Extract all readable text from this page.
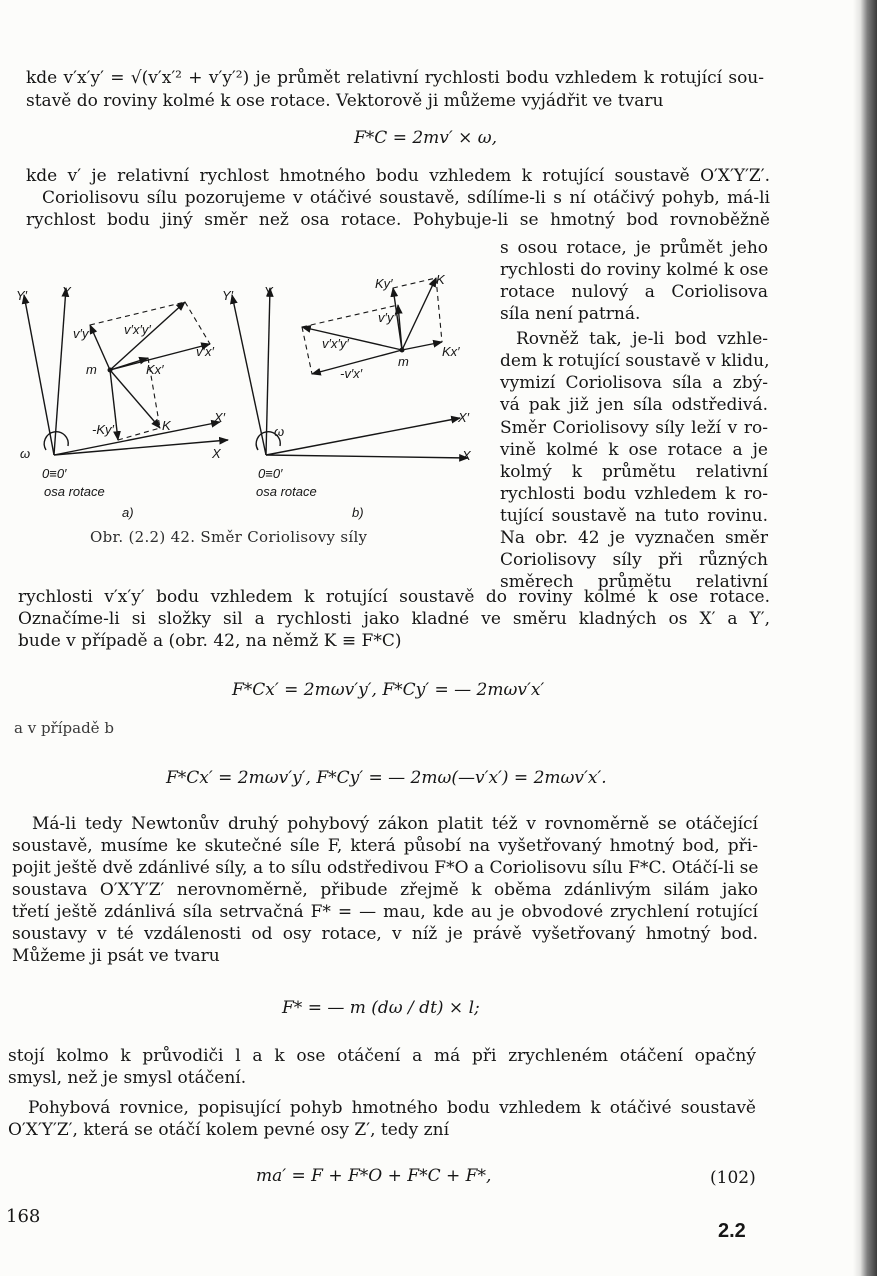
kde v′x′y′ = √(v′x′² + v′y′²) je průmět relativní rychlosti bodu vzhledem k rotující sou-
stavě do roviny kolmé k ose rotace. Vektorově ji můžeme vyjádřit ve tvaru
F*C = 2mv′ × ω,
kde v′ je relativní rychlost hmotného bodu vzhledem k rotující soustavě O′X′Y′Z′.
Coriolisovu sílu pozorujeme v otáčivé soustavě, sdílíme-li s ní otáčivý pohyb, má-li
rychlost bodu jiný směr než osa rotace. Pohybuje-li se hmotný bod rovnoběžně
s osou rotace, je průmět jeho
rychlosti do roviny kolmé k ose
rotace nulový a Coriolisova
síla není patrná.
Rovněž tak, je-li bod vzhle-
dem k rotující soustavě v klidu,
vymizí Coriolisova síla a zbý-
vá pak již jen síla odstředivá.
Směr Coriolisovy síly leží v ro-
vině kolmé k ose rotace a je
kolmý k průmětu relativní
rychlosti bodu vzhledem k ro-
tující soustavě na tuto rovinu.
Na obr. 42 je vyznačen směr
Coriolisovy síly při různých
směrech průmětu relativní
Y′	Y
v′y′	v′x′y′
v′x′
m	Kx′
-Ky′	K
X′
X
ω
0≡0′
osa rotace
a)
Y′ Y
Ky′	K
v′y′
v′x′y′
Kx′
m
-v′x′
X′
X
ω
0≡0′
osa rotace
b)
Obr. (2.2) 42. Směr Coriolisovy síly
rychlosti v′x′y′ bodu vzhledem k rotující soustavě do roviny kolmé k ose rotace.
Označíme-li si složky sil a rychlosti jako kladné ve směru kladných os X′ a Y′,
bude v případě a (obr. 42, na němž K ≡ F*C)
F*Cx′ = 2mωv′y′, F*Cy′ = — 2mωv′x′
a v případě b
F*Cx′ = 2mωv′y′, F*Cy′ = — 2mω(—v′x′) = 2mωv′x′.
Má-li tedy Newtonův druhý pohybový zákon platit též v rovnoměrně se otáčející
soustavě, musíme ke skutečné síle F, která působí na vyšetřovaný hmotný bod, při-
pojit ještě dvě zdánlivé síly, a to sílu odstředivou F*O a Coriolisovu sílu F*C. Otáčí-li se
soustava O′X′Y′Z′ nerovnoměrně, přibude zřejmě k oběma zdánlivým silám jako
třetí ještě zdánlivá síla setrvačná F* = — mau, kde au je obvodové zrychlení rotující
soustavy v té vzdálenosti od osy rotace, v níž je právě vyšetřovaný hmotný bod.
Můžeme ji psát ve tvaru
F* = — m (dω / dt) × l;
stojí kolmo k průvodiči l a k ose otáčení a má při zrychleném otáčení opačný
smysl, než je smysl otáčení.
Pohybová rovnice, popisující pohyb hmotného bodu vzhledem k otáčivé soustavě
O′X′Y′Z′, která se otáčí kolem pevné osy Z′, tedy zní
ma′ = F + F*O + F*C + F*,	(102)
168
2.2
